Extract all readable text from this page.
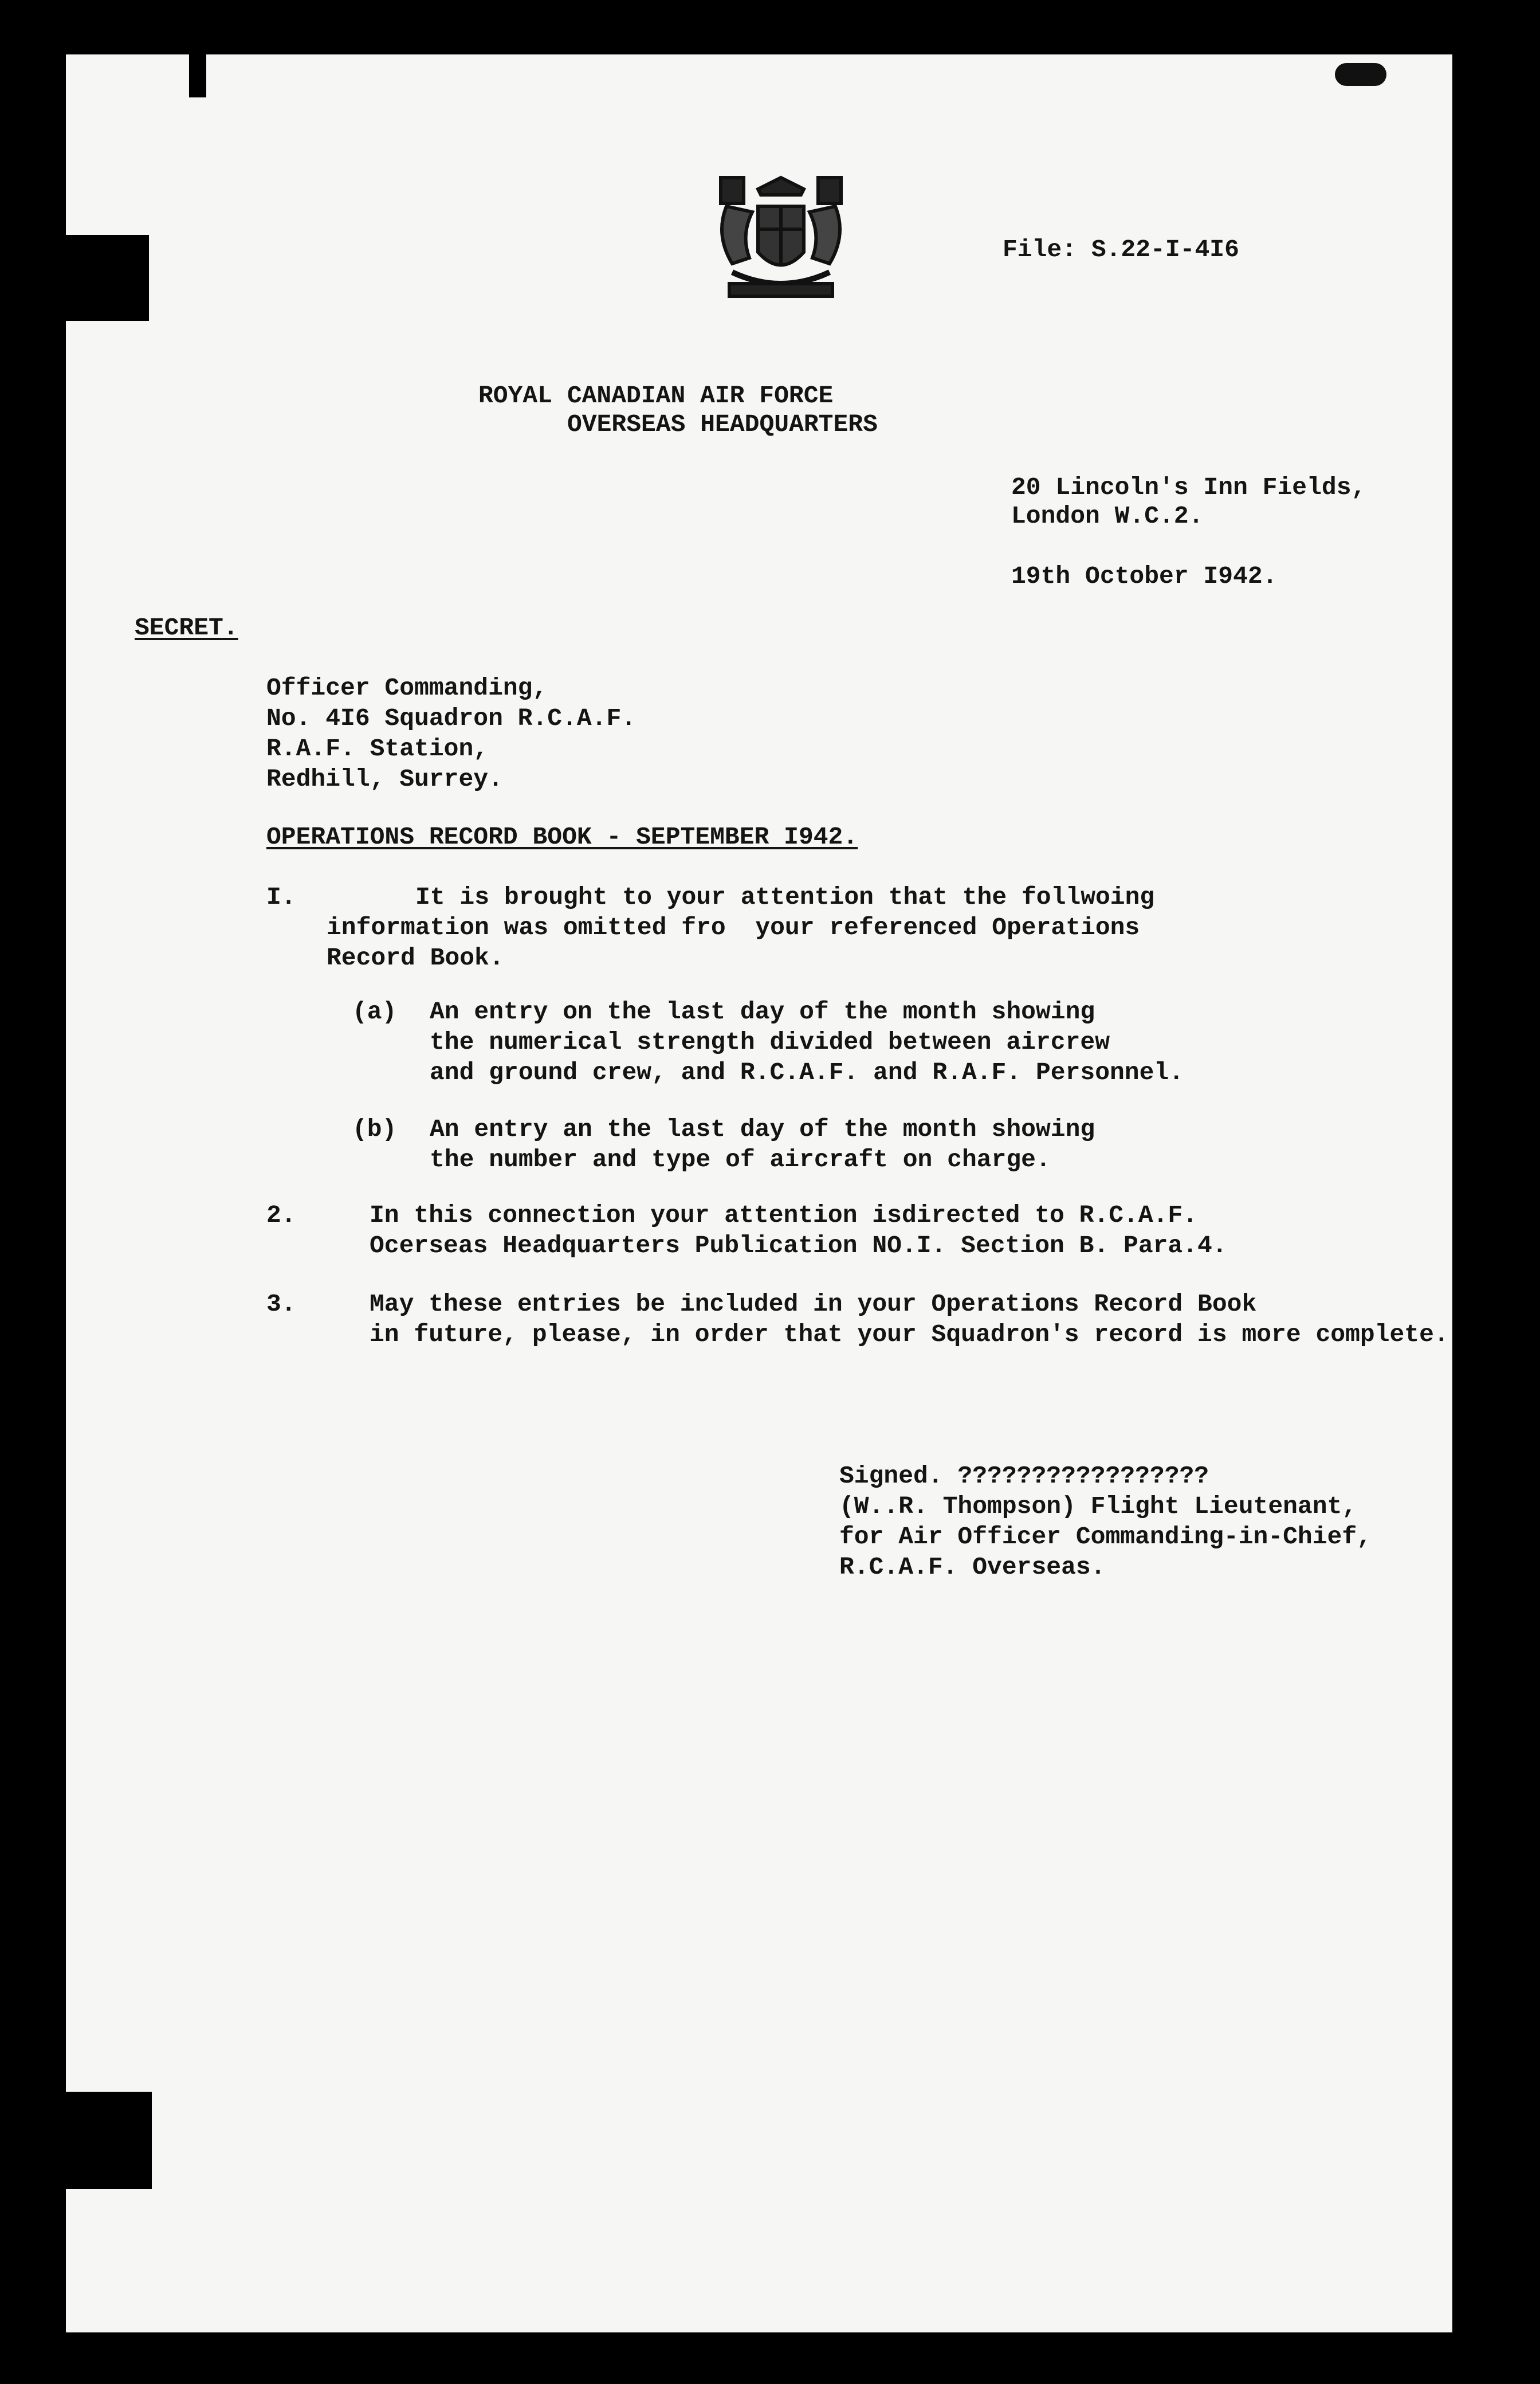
File: S.22-I-4I6
ROYAL CANADIAN AIR FORCE
OVERSEAS HEADQUARTERS
20 Lincoln's Inn Fields,
London W.C.2.
19th October I942.
SECRET.
Officer Commanding,
No. 4I6 Squadron R.C.A.F.
R.A.F. Station,
Redhill, Surrey.
OPERATIONS RECORD BOOK - SEPTEMBER I942.
I.	It is brought to your attention that the follwoing
information was omitted fro  your referenced Operations
Record Book.
(a) An entry on the last day of the month showing
the numerical strength divided between aircrew
and ground crew, and R.C.A.F. and R.A.F. Personnel.
(b) An entry an the last day of the month showing
the number and type of aircraft on charge.
2.	In this connection your attention isdirected to R.C.A.F.
Ocerseas Headquarters Publication NO.I. Section B. Para.4.
3.	May these entries be included in your Operations Record Book
in future, please, in order that your Squadron's record is more complete.
Signed. ?????????????????
(W..R. Thompson) Flight Lieutenant,
for Air Officer Commanding-in-Chief,
R.C.A.F. Overseas.
